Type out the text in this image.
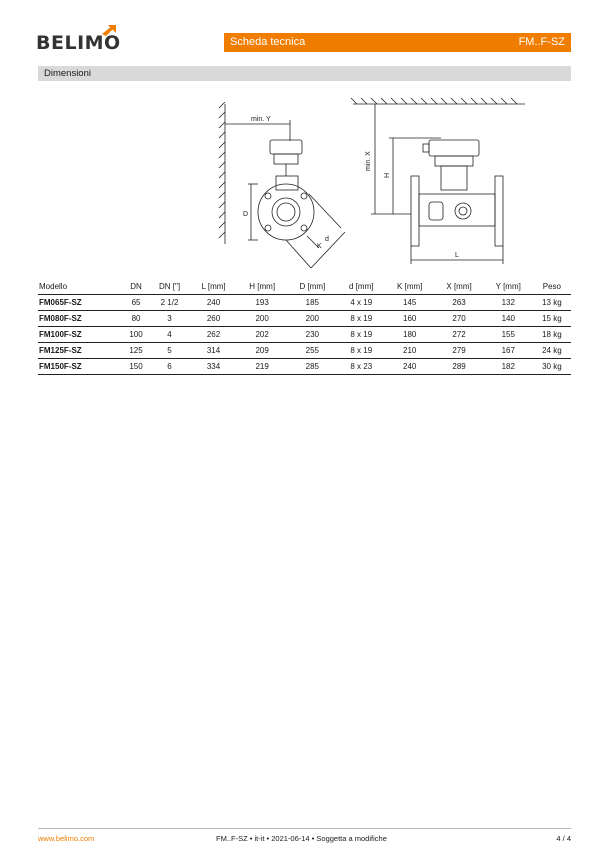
BELIMO	Scheda tecnica	FM..F-SZ
Dimensioni
min. Y
D
K
d
min. X
H
L
Modello	DN	DN ["]	L [mm]	H [mm]	D [mm]	d [mm]	K [mm]	X [mm]	Y [mm]	Peso
FM065F-SZ	65	2 1/2	240	193	185	4 x 19	145	263	132	13 kg
FM080F-SZ	80	3	260	200	200	8 x 19	160	270	140	15 kg
FM100F-SZ	100	4	262	202	230	8 x 19	180	272	155	18 kg
FM125F-SZ	125	5	314	209	255	8 x 19	210	279	167	24 kg
FM150F-SZ	150	6	334	219	285	8 x 23	240	289	182	30 kg
www.belimo.com	FM..F-SZ • it-it • 2021-06-14 • Soggetta a modifiche	4 / 4
